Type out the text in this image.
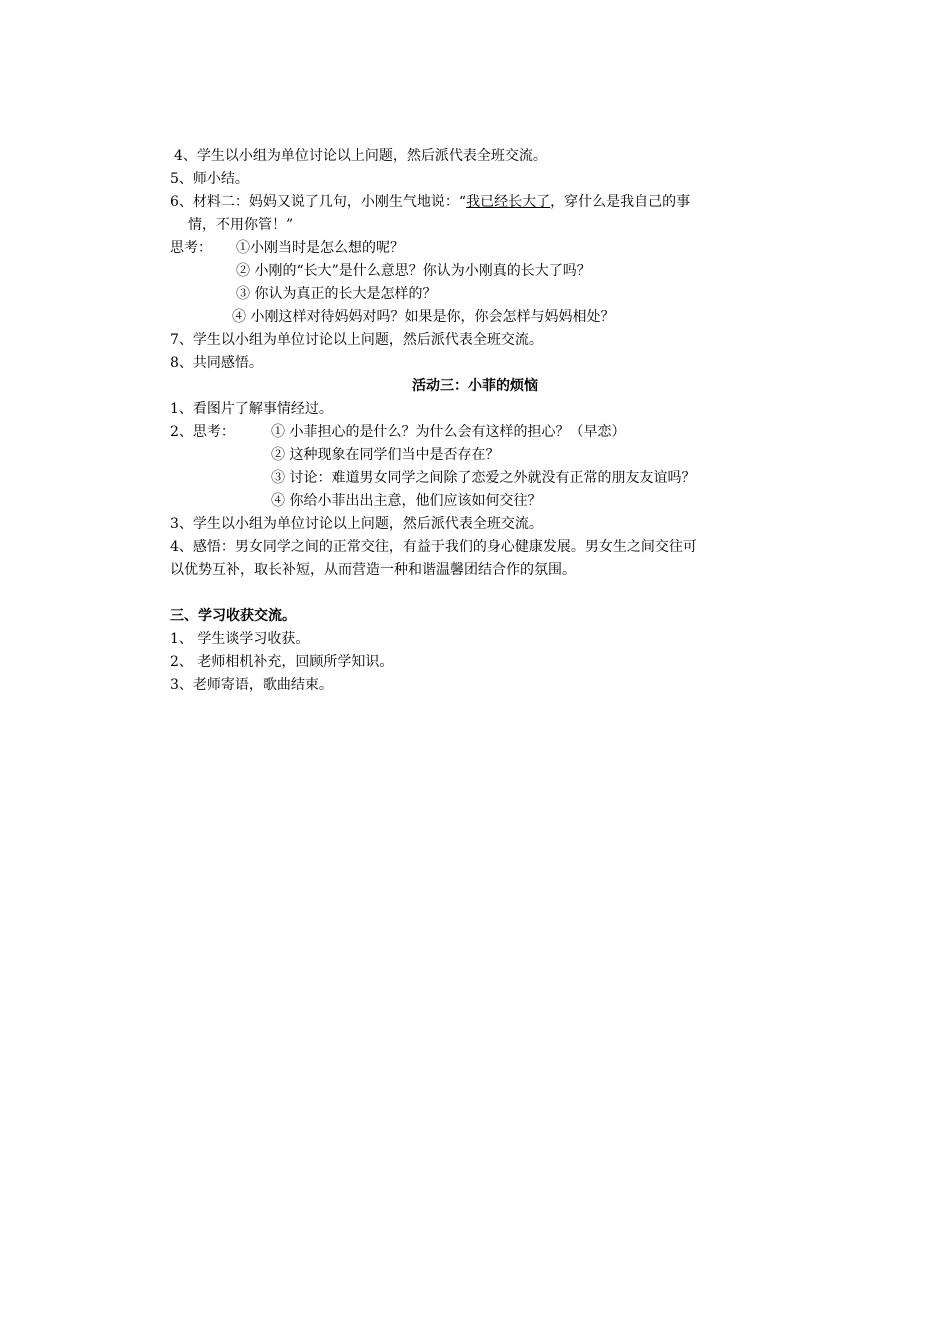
4、学生以小组为单位讨论以上问题，然后派代表全班交流。
5、师小结。
6、材料二：妈妈又说了几句，小刚生气地说：“我已经长大了，穿什么是我自己的事
情，不用你管！”
思考： ①小刚当时是怎么想的呢？
② 小刚的“长大”是什么意思？你认为小刚真的长大了吗？
③ 你认为真正的长大是怎样的？
④ 小刚这样对待妈妈对吗？如果是你，你会怎样与妈妈相处？
7、学生以小组为单位讨论以上问题，然后派代表全班交流。
8、共同感悟。
活动三：小菲的烦恼
1、看图片了解事情经过。
2、思考：	① 小菲担心的是什么？为什么会有这样的担心？（早恋）
② 这种现象在同学们当中是否存在？
③ 讨论：难道男女同学之间除了恋爱之外就没有正常的朋友友谊吗？
④ 你给小菲出出主意，他们应该如何交往？
3、学生以小组为单位讨论以上问题，然后派代表全班交流。
4、感悟：男女同学之间的正常交往，有益于我们的身心健康发展。男女生之间交往可
以优势互补，取长补短，从而营造一种和谐温馨团结合作的氛围。
三、学习收获交流。
1、 学生谈学习收获。
2、 老师相机补充，回顾所学知识。
3、老师寄语，歌曲结束。
